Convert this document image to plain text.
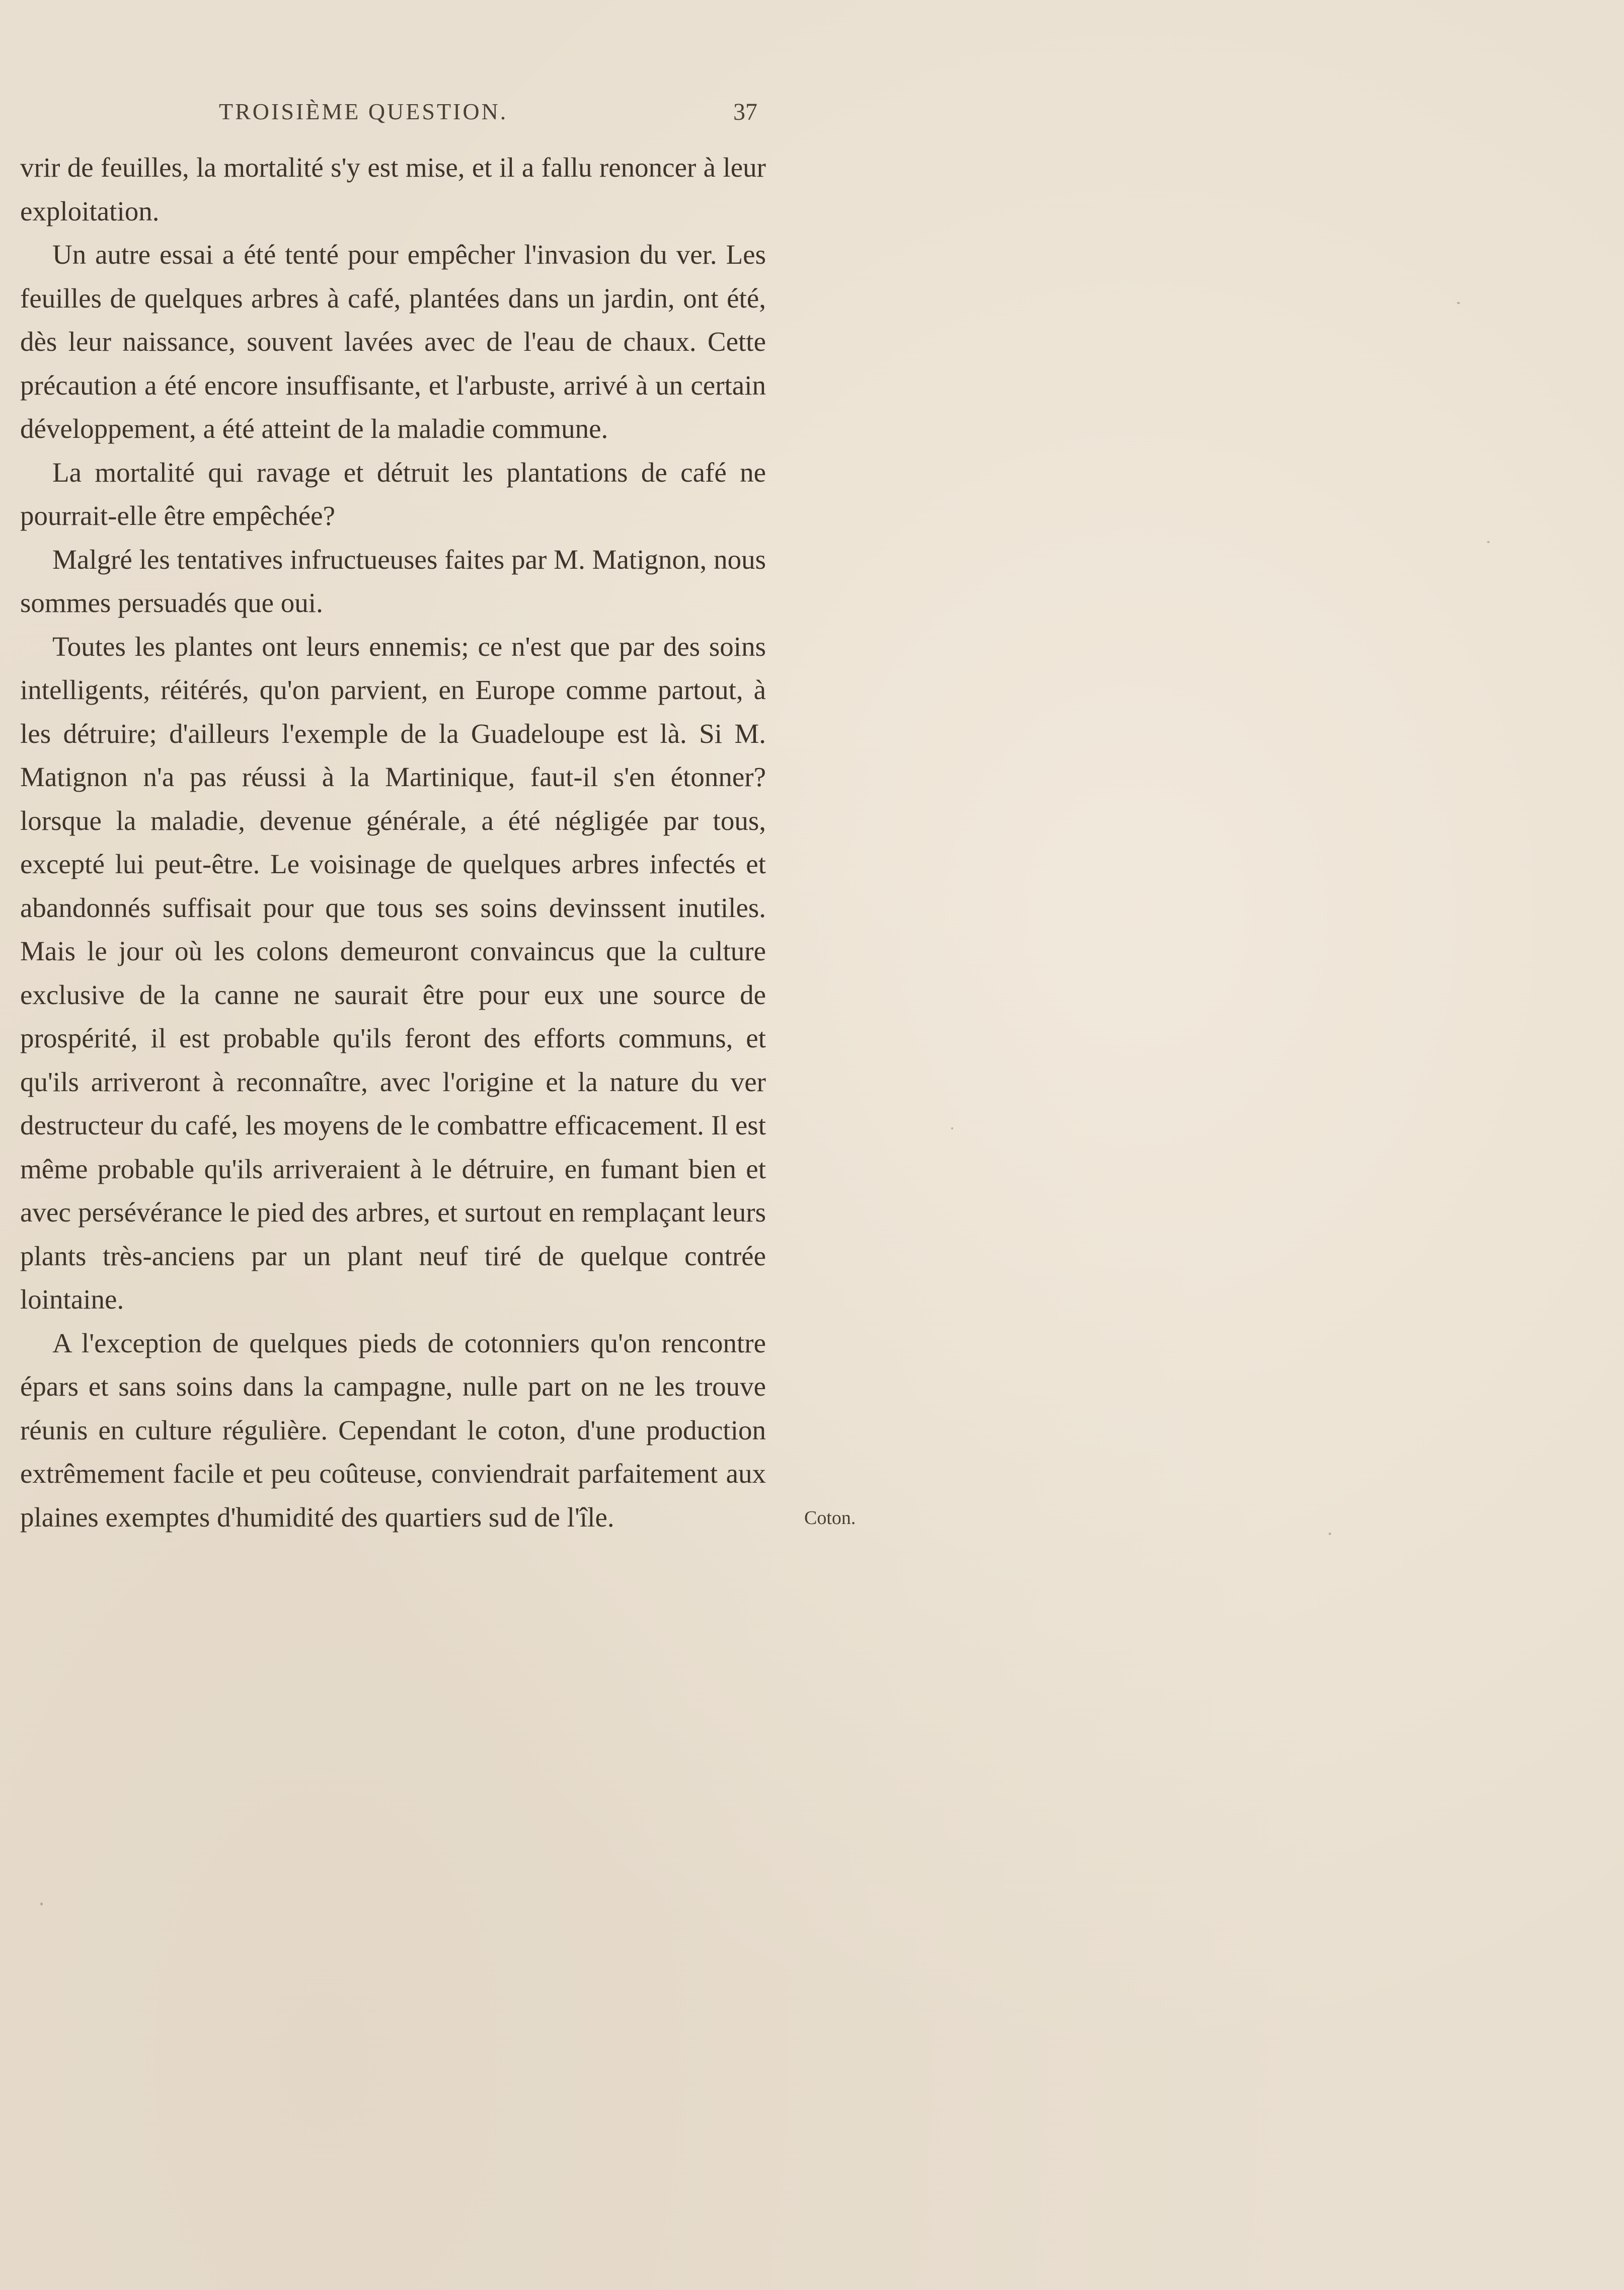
TROISIÈME QUESTION.	37

vrir de feuilles, la mortalité s'y est mise, et il a fallu renoncer à leur exploitation.

Un autre essai a été tenté pour empêcher l'invasion du ver. Les feuilles de quelques arbres à café, plantées dans un jardin, ont été, dès leur naissance, souvent lavées avec de l'eau de chaux. Cette précaution a été encore insuffisante, et l'arbuste, arrivé à un certain développement, a été atteint de la maladie commune.

La mortalité qui ravage et détruit les plantations de café ne pourrait-elle être empêchée?

Malgré les tentatives infructueuses faites par M. Matignon, nous sommes persuadés que oui.

Toutes les plantes ont leurs ennemis; ce n'est que par des soins intelligents, réitérés, qu'on parvient, en Europe comme partout, à les détruire; d'ailleurs l'exemple de la Guadeloupe est là. Si M. Matignon n'a pas réussi à la Martinique, faut-il s'en étonner? lorsque la maladie, devenue générale, a été négligée par tous, excepté lui peut-être. Le voisinage de quelques arbres infectés et abandonnés suffisait pour que tous ses soins devinssent inutiles. Mais le jour où les colons demeuront convaincus que la culture exclusive de la canne ne saurait être pour eux une source de prospérité, il est probable qu'ils feront des efforts communs, et qu'ils arriveront à reconnaître, avec l'origine et la nature du ver destructeur du café, les moyens de le combattre efficacement. Il est même probable qu'ils arriveraient à le détruire, en fumant bien et avec persévérance le pied des arbres, et surtout en remplaçant leurs plants très-anciens par un plant neuf tiré de quelque contrée lointaine.

A l'exception de quelques pieds de cotonniers qu'on rencontre épars et sans soins dans la campagne, nulle part on ne les trouve réunis en culture régulière. Cependant le coton, d'une production extrêmement facile et peu coûteuse, conviendrait parfaitement aux plaines exemptes d'humidité des quartiers sud de l'île.	Coton.
